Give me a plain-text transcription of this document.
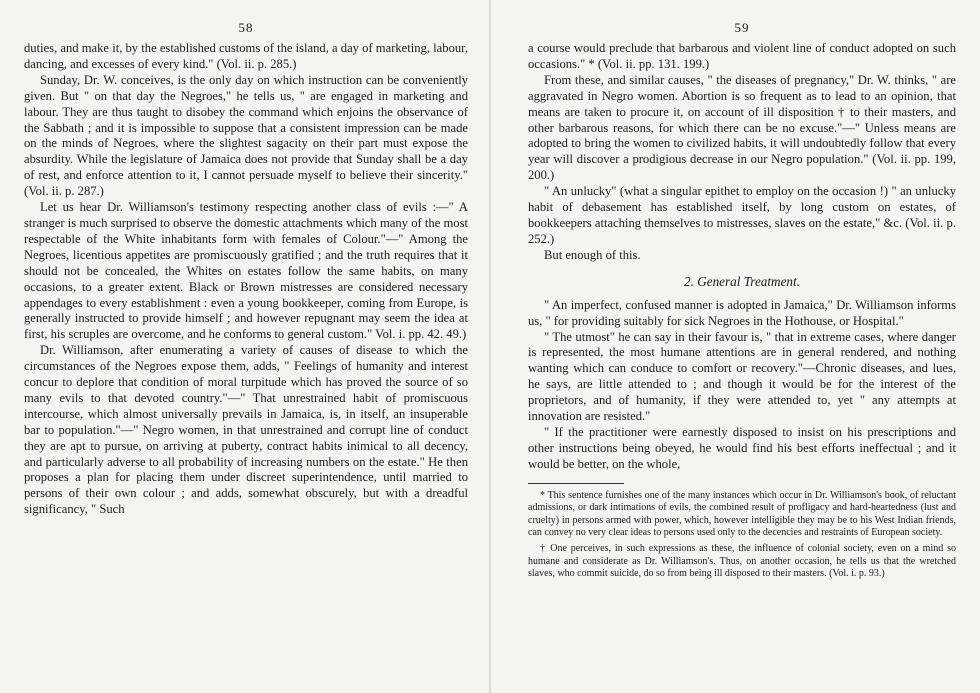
58

duties, and make it, by the established customs of the island, a day of marketing, labour, dancing, and excesses of every kind." (Vol. ii. p. 285.)

Sunday, Dr. W. conceives, is the only day on which instruction can be conveniently given. But " on that day the Negroes," he tells us, " are engaged in marketing and labour. They are thus taught to disobey the command which enjoins the observance of the Sabbath ; and it is impossible to suppose that a consistent impression can be made on the minds of Negroes, where the slightest sagacity on their part must expose the absurdity. While the legislature of Jamaica does not provide that Sunday shall be a day of rest, and enforce attention to it, I cannot persuade myself to believe their sincerity." (Vol. ii. p. 287.)

Let us hear Dr. Williamson's testimony respecting another class of evils :—" A stranger is much surprised to observe the domestic attachments which many of the most respectable of the White inhabitants form with females of Colour."—" Among the Negroes, licentious appetites are promiscuously gratified ; and the truth requires that it should not be concealed, the Whites on estates follow the same habits, on many occasions, to a greater extent. Black or Brown mistresses are considered necessary appendages to every establishment : even a young bookkeeper, coming from Europe, is generally instructed to provide himself ; and however repugnant may seem the idea at first, his scruples are overcome, and he conforms to general custom." Vol. i. pp. 42. 49.)

Dr. Williamson, after enumerating a variety of causes of disease to which the circumstances of the Negroes expose them, adds, " Feelings of humanity and interest concur to deplore that condition of moral turpitude which has proved the source of so many evils to that devoted country."—" That unrestrained habit of promiscuous intercourse, which almost universally prevails in Jamaica, is, in itself, an insuperable bar to population."—" Negro women, in that unrestrained and corrupt line of conduct they are apt to pursue, on arriving at puberty, contract habits inimical to all decency, and particularly adverse to all probability of increasing numbers on the estate." He then proposes a plan for placing them under discreet superintendence, until married to persons of their own colour ; and adds, somewhat obscurely, but with a dreadful significancy, " Such

59

a course would preclude that barbarous and violent line of conduct adopted on such occasions." * (Vol. ii. pp. 131. 199.)

From these, and similar causes, " the diseases of pregnancy," Dr. W. thinks, " are aggravated in Negro women. Abortion is so frequent as to lead to an opinion, that means are taken to procure it, on account of ill disposition † to their masters, and other barbarous reasons, for which there can be no excuse."—" Unless means are adopted to bring the women to civilized habits, it will undoubtedly follow that every year will discover a prodigious decrease in our Negro population." (Vol. ii. pp. 199, 200.)

" An unlucky" (what a singular epithet to employ on the occasion !) " an unlucky habit of debasement has established itself, by long custom on estates, of bookkeepers attaching themselves to mistresses, slaves on the estate," &c. (Vol. ii. p. 252.)

But enough of this.

2. General Treatment.

" An imperfect, confused manner is adopted in Jamaica," Dr. Williamson informs us, " for providing suitably for sick Negroes in the Hothouse, or Hospital."

" The utmost" he can say in their favour is, " that in extreme cases, where danger is represented, the most humane attentions are in general rendered, and nothing wanting which can conduce to comfort or recovery."—Chronic diseases, and lues, he says, are little attended to ; and though it would be for the interest of the proprietors, and of humanity, if they were attended to, yet " any attempts at innovation are resisted."

" If the practitioner were earnestly disposed to insist on his prescriptions and other instructions being obeyed, he would find his best efforts ineffectual ; and it would be better, on the whole,

* This sentence furnishes one of the many instances which occur in Dr. Williamson's book, of reluctant admissions, or dark intimations of evils, the combined result of profligacy and hard-heartedness (lust and cruelty) in persons armed with power, which, however intelligible they may be to his West Indian friends, can convey no very clear ideas to persons used only to the decencies and restraints of European society.

† One perceives, in such expressions as these, the influence of colonial society, even on a mind so humane and considerate as Dr. Williamson's. Thus, on another occasion, he tells us that the wretched slaves, who commit suicide, do so from being ill disposed to their masters. (Vol. i. p. 93.)
